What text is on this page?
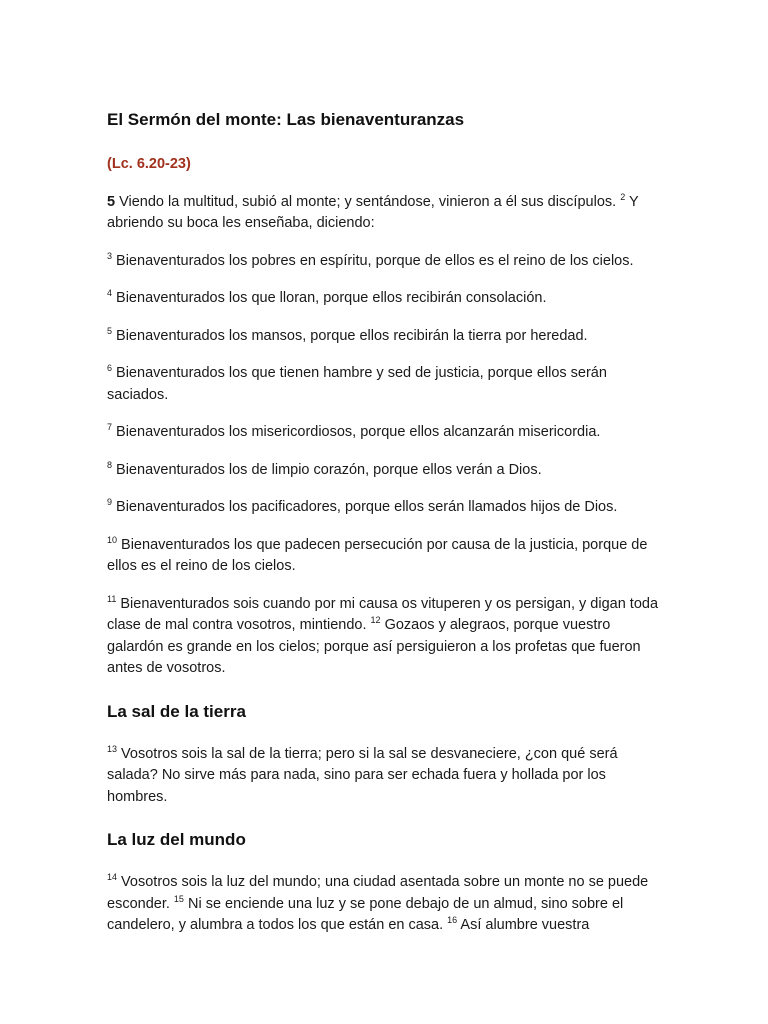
El Sermón del monte: Las bienaventuranzas
(Lc. 6.20-23)

5 Viendo la multitud, subió al monte; y sentándose, vinieron a él sus discípulos. $^2$ Y abriendo su boca les enseñaba, diciendo:

$^3$ Bienaventurados los pobres en espíritu, porque de ellos es el reino de los cielos.

$^4$ Bienaventurados los que lloran, porque ellos recibirán consolación.

$^5$ Bienaventurados los mansos, porque ellos recibirán la tierra por heredad.

$^6$ Bienaventurados los que tienen hambre y sed de justicia, porque ellos serán saciados.

$^7$ Bienaventurados los misericordiosos, porque ellos alcanzarán misericordia.

$^8$ Bienaventurados los de limpio corazón, porque ellos verán a Dios.

$^9$ Bienaventurados los pacificadores, porque ellos serán llamados hijos de Dios.

$^{10}$ Bienaventurados los que padecen persecución por causa de la justicia, porque de ellos es el reino de los cielos.

$^{11}$ Bienaventurados sois cuando por mi causa os vituperen y os persigan, y digan toda clase de mal contra vosotros, mintiendo. $^{12}$ Gozaos y alegraos, porque vuestro galardón es grande en los cielos; porque así persiguieron a los profetas que fueron antes de vosotros.

La sal de la tierra

$^{13}$ Vosotros sois la sal de la tierra; pero si la sal se desvaneciere, ¿con qué será salada? No sirve más para nada, sino para ser echada fuera y hollada por los hombres.

La luz del mundo

$^{14}$ Vosotros sois la luz del mundo; una ciudad asentada sobre un monte no se puede esconder. $^{15}$ Ni se enciende una luz y se pone debajo de un almud, sino sobre el candelero, y alumbra a todos los que están en casa. $^{16}$ Así alumbre vuestra
